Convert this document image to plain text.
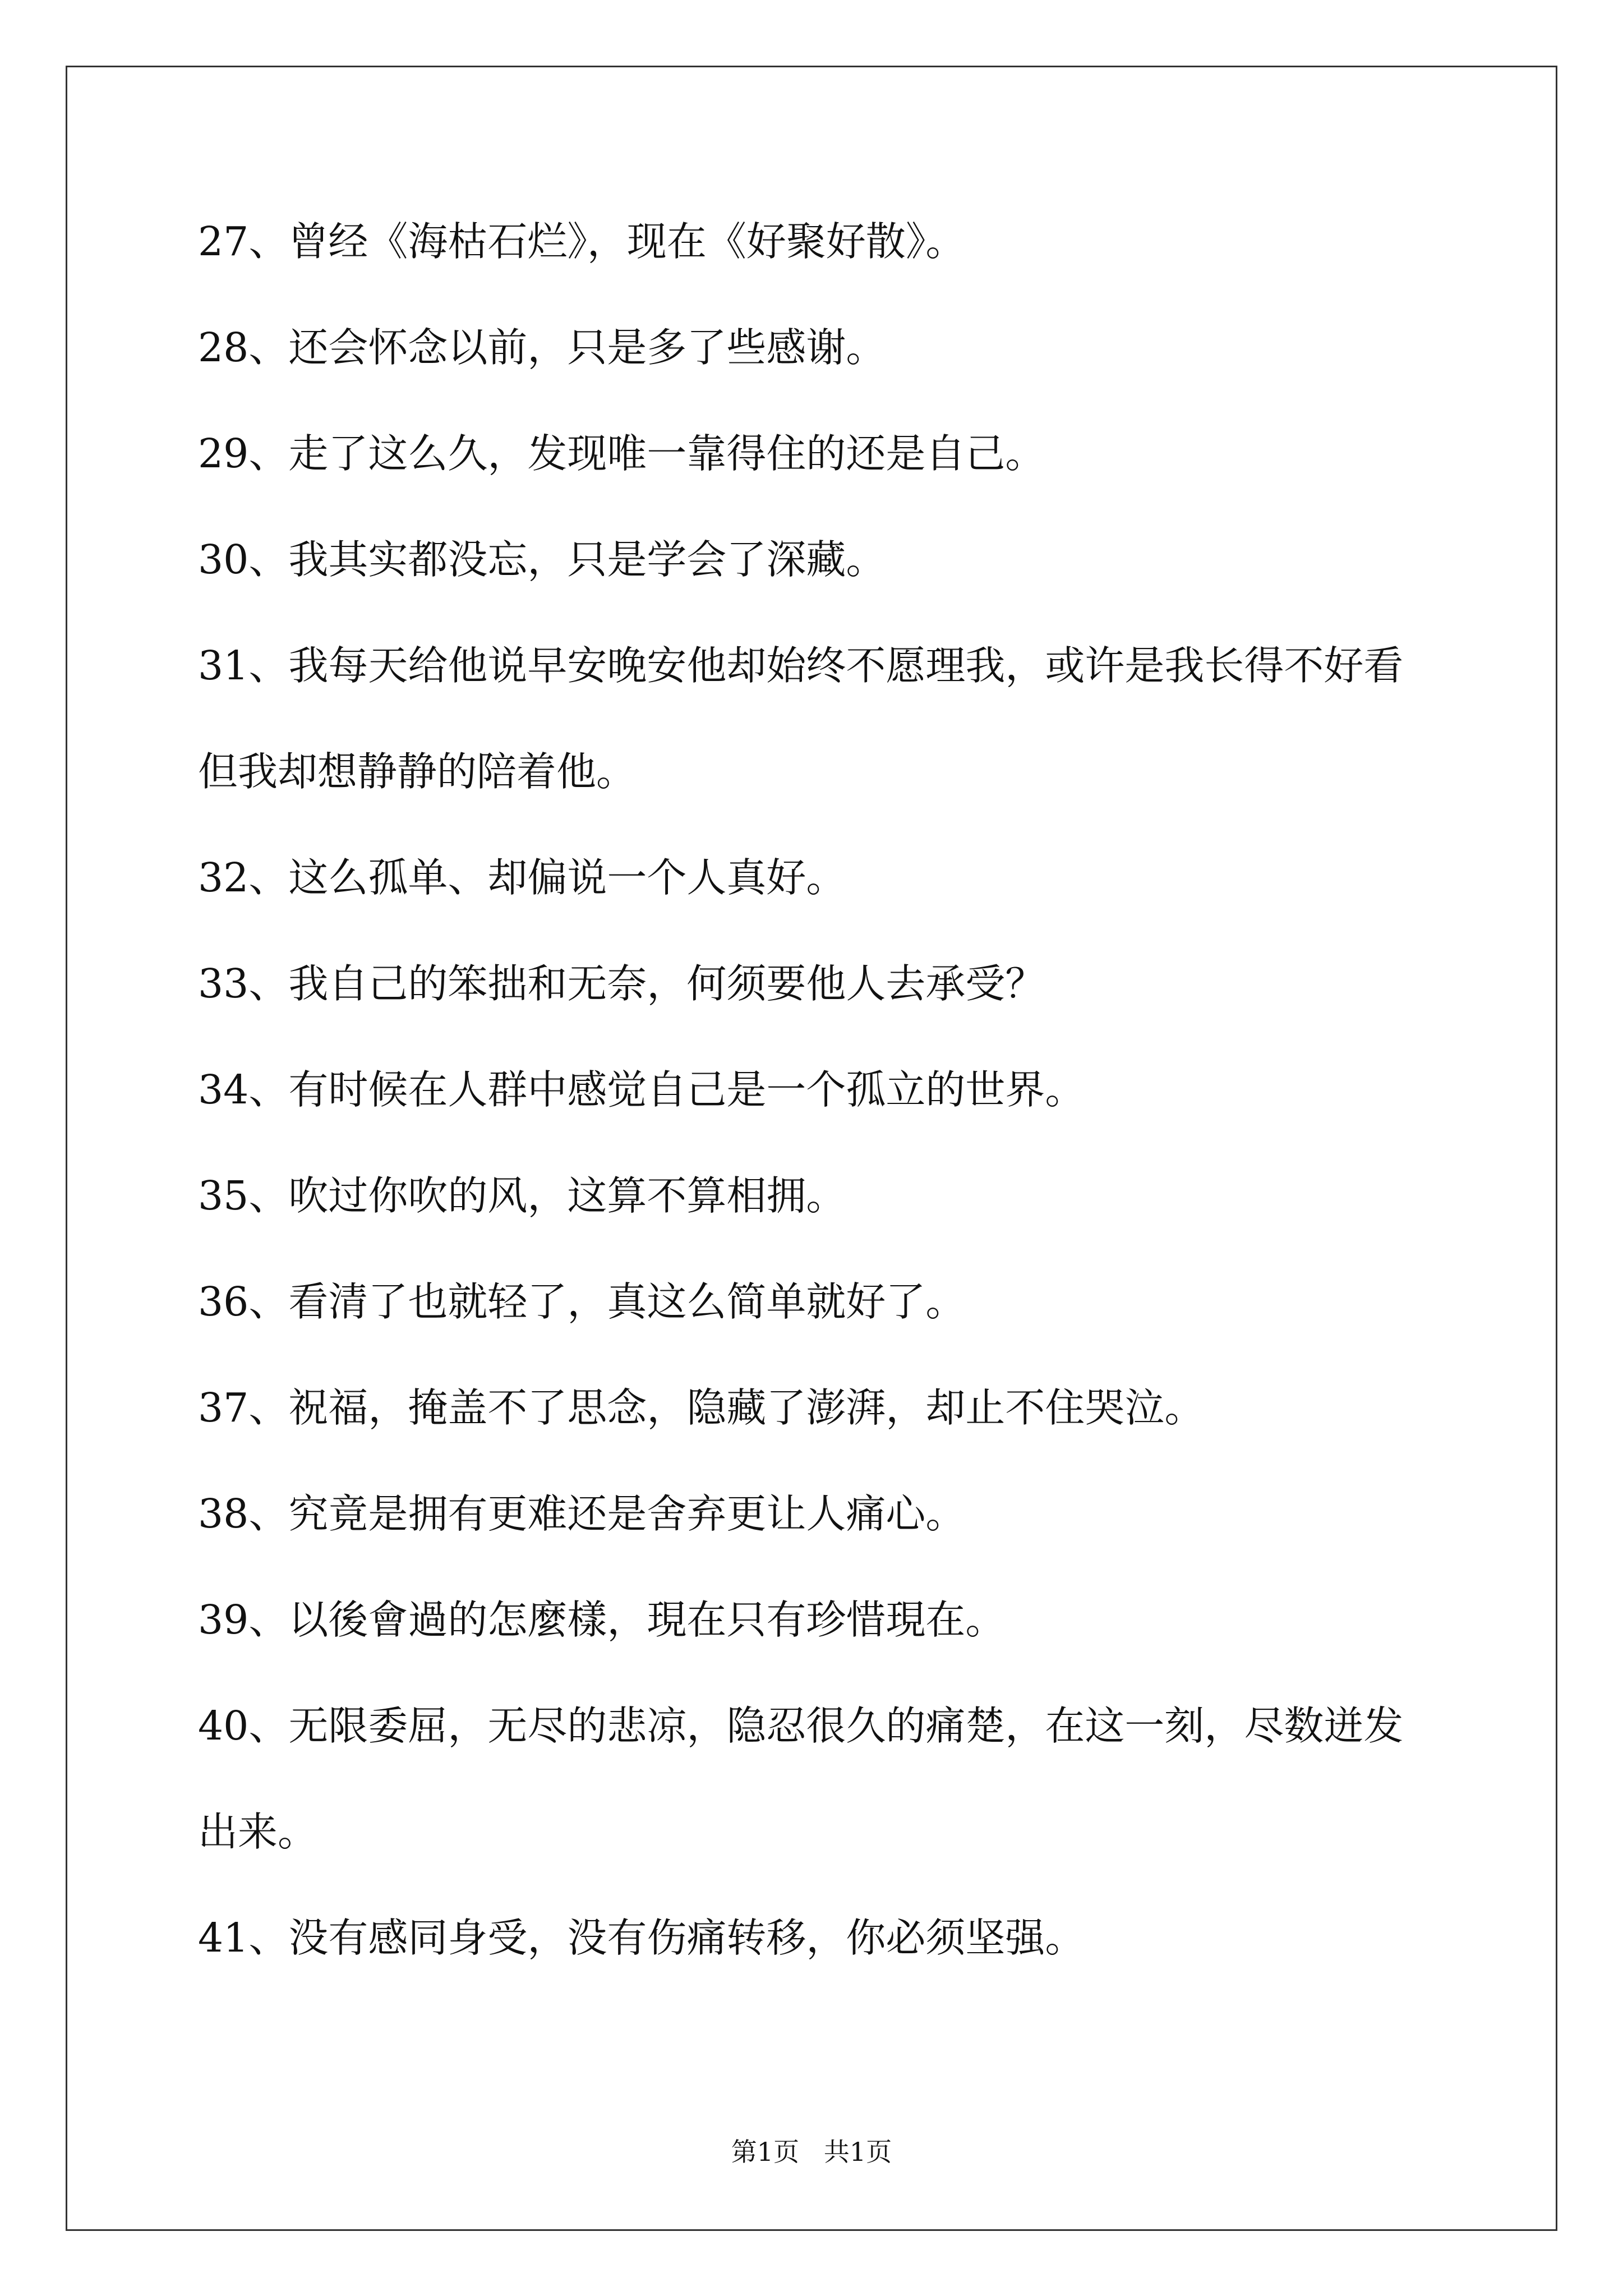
27、曾经《海枯石烂》，现在《好聚好散》。
28、还会怀念以前，只是多了些感谢。
29、走了这么久，发现唯一靠得住的还是自己。
30、我其实都没忘，只是学会了深藏。
31、我每天给他说早安晚安他却始终不愿理我，或许是我长得不好看
但我却想静静的陪着他。
32、这么孤单、却偏说一个人真好。
33、我自己的笨拙和无奈，何须要他人去承受？
34、有时候在人群中感觉自己是一个孤立的世界。
35、吹过你吹的风，这算不算相拥。
36、看清了也就轻了，真这么简单就好了。
37、祝福，掩盖不了思念，隐藏了澎湃，却止不住哭泣。
38、究竟是拥有更难还是舍弃更让人痛心。
39、以後會過的怎麼樣，現在只有珍惜現在。
40、无限委屈，无尽的悲凉，隐忍很久的痛楚，在这一刻，尽数迸发
出来。
41、没有感同身受，没有伤痛转移，你必须坚强。
第1页   共1页
